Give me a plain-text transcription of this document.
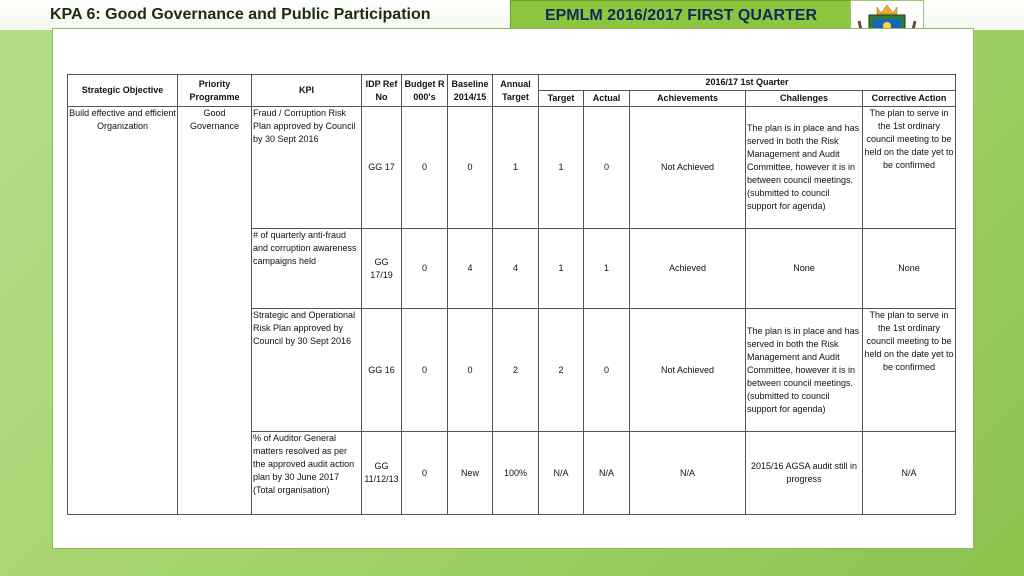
KPA 6: Good Governance and Public Participation	EPMLM 2016/2017 FIRST QUARTER
Strategic Objective	Priority Programme	KPI	IDP Ref No	Budget R 000's	Baseline 2014/15	Annual Target	2016/17 1st Quarter				
							Target	Actual	Achievements	Challenges	Corrective Action
Build effective and efficient Organization	Good Governance	Fraud / Corruption Risk Plan approved by Council by 30 Sept 2016	GG 17	0	0	1	1	0	Not Achieved	The plan is in place and has served in both the Risk Management and Audit Committee, however it is in between council meetings.(submitted to council support for agenda)	The plan to serve in the 1st ordinary council meeting to be held on the date yet to be confirmed
		# of quarterly anti-fraud and corruption awareness campaigns held	GG 17/19	0	4	4	1	1	Achieved	None	None
		Strategic and Operational Risk Plan approved by Council by 30 Sept 2016	GG 16	0	0	2	2	0	Not Achieved	The plan is in place and has served in both the Risk Management and Audit Committee, however it is in between council meetings.(submitted to council support for agenda)	The plan to serve in the 1st ordinary council meeting to be held on the date yet to be confirmed
		% of Auditor General matters resolved as per the approved audit action plan by 30 June 2017 (Total organisation)	GG 11/12/13	0	New	100%	N/A	N/A	N/A	2015/16 AGSA audit still in progress	N/A
